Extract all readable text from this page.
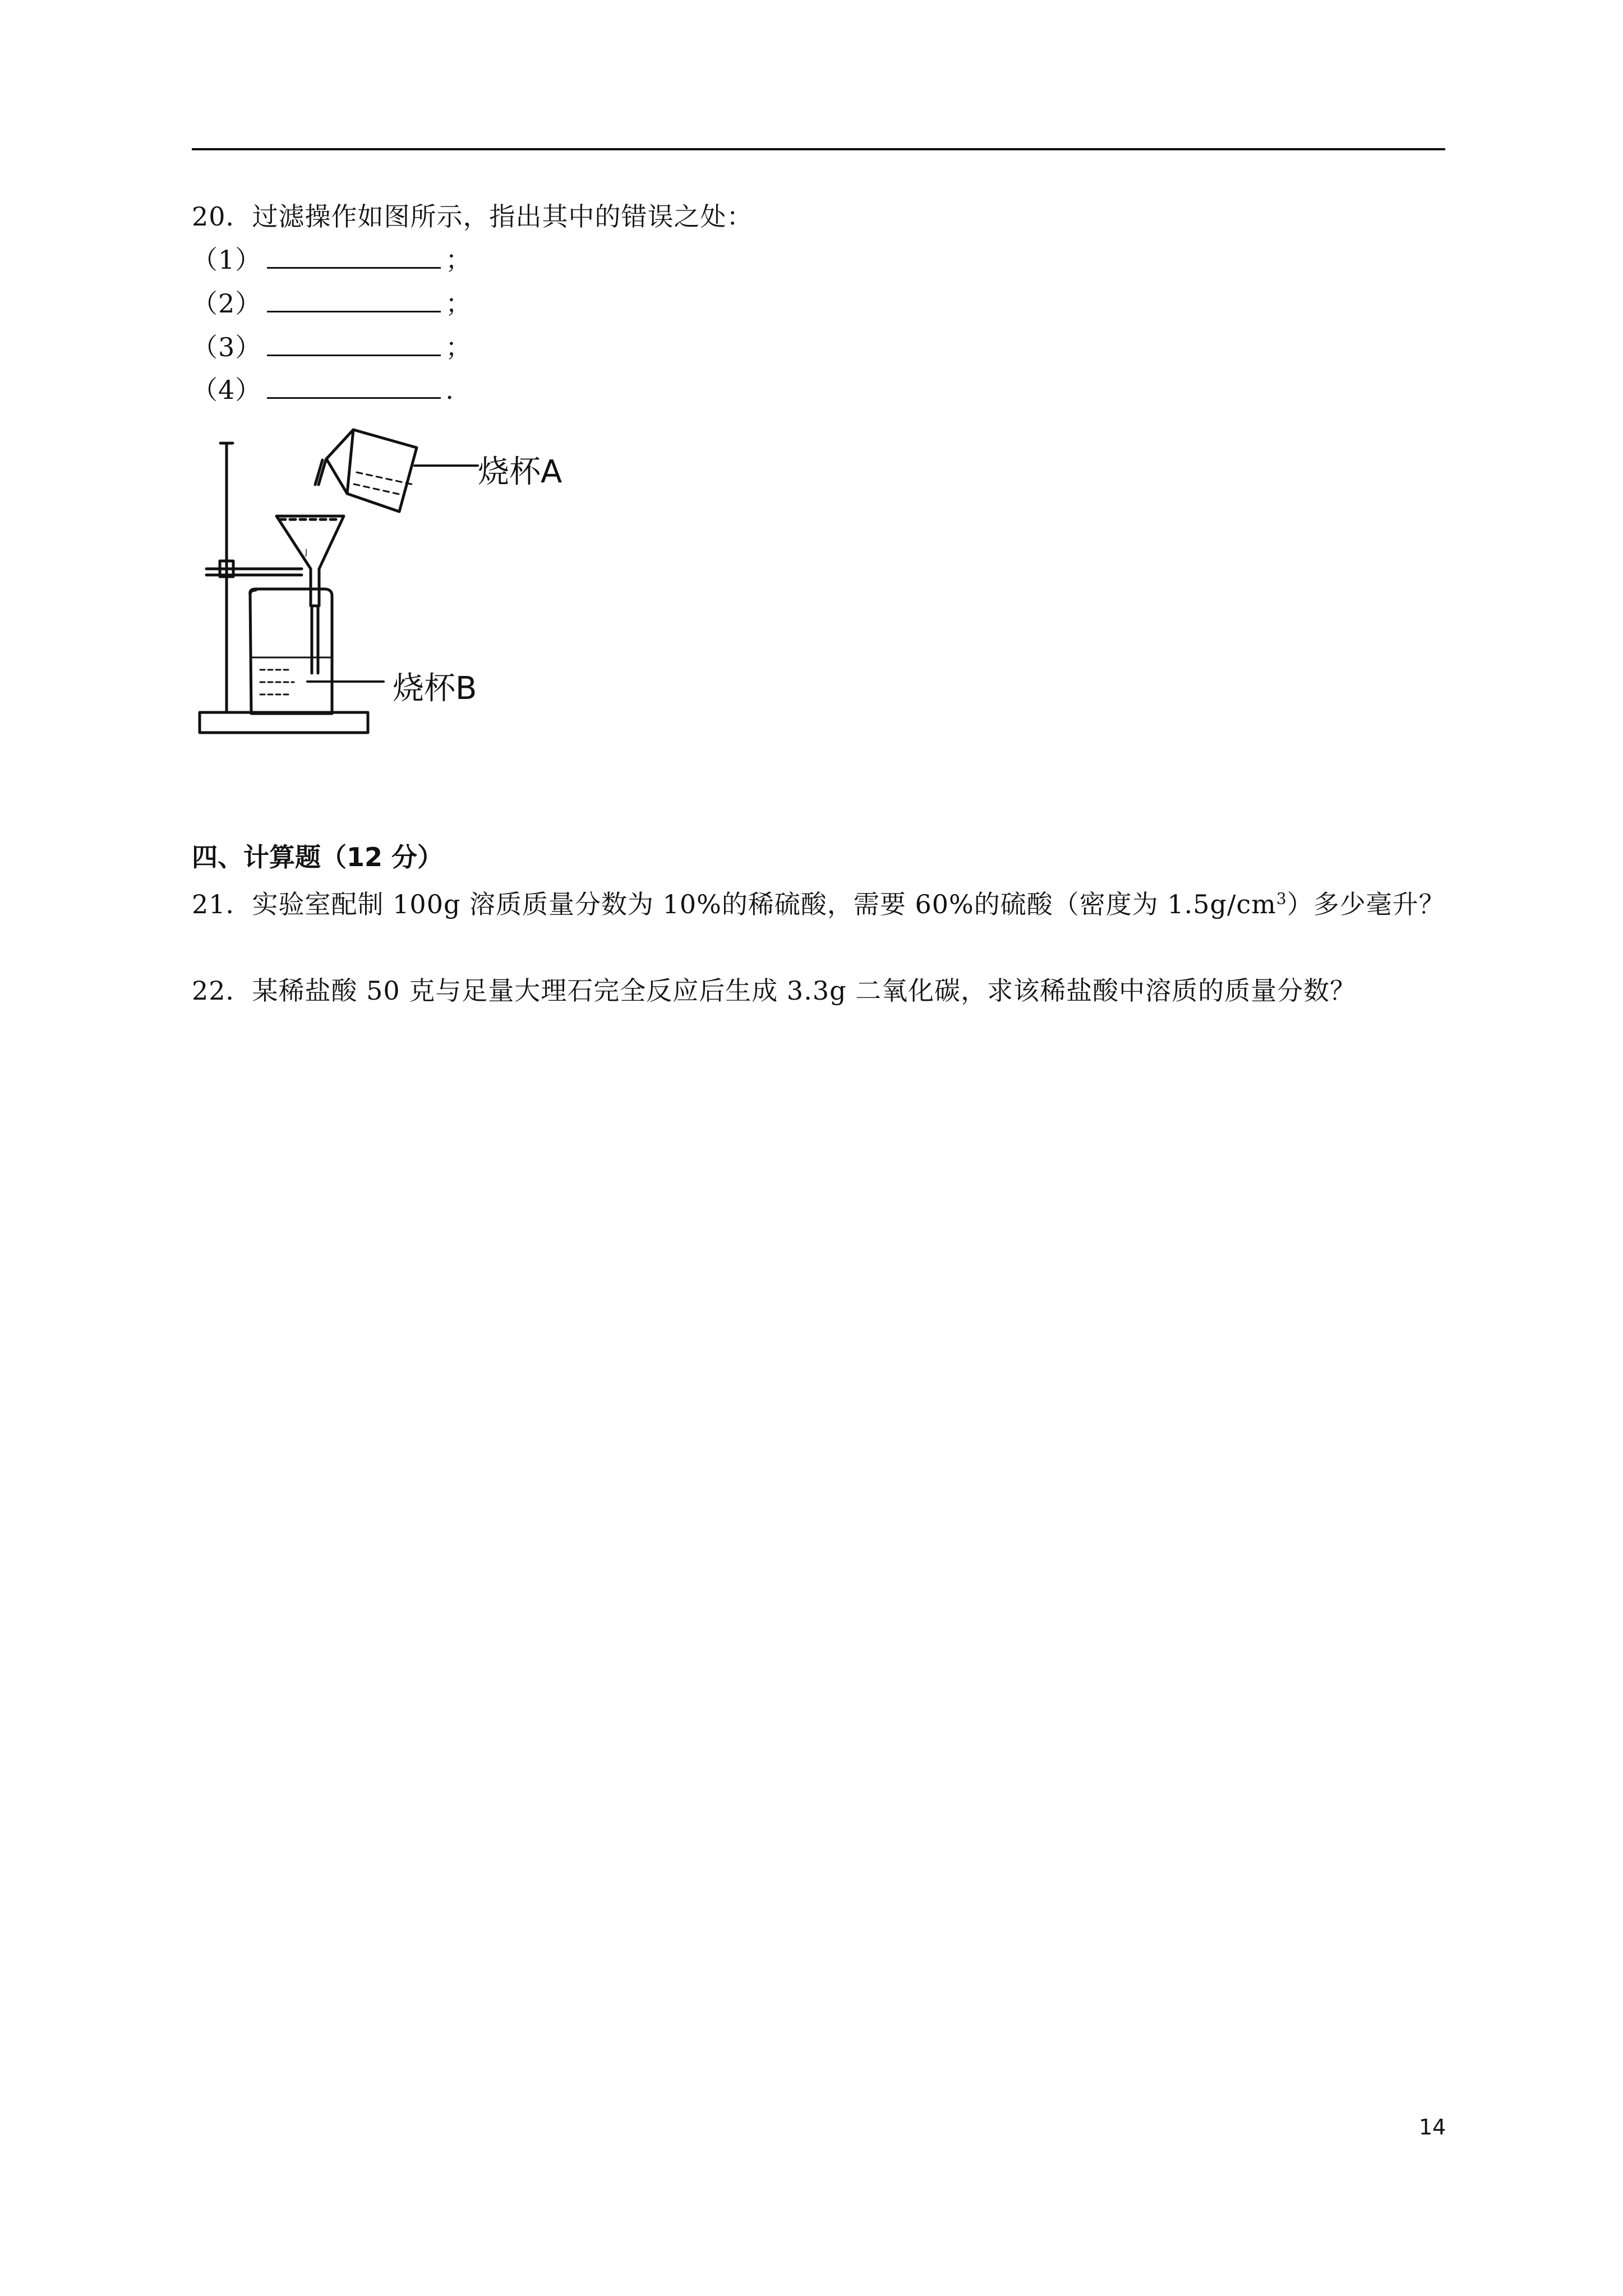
20．过滤操作如图所示，指出其中的错误之处：
（1）	；
（2）	；
（3）	；
（4）	.
J
烧杯A
烧杯B
四、计算题（12 分）
21．实验室配制 100g 溶质质量分数为 10%的稀硫酸，需要 60%的硫酸（密度为 $1.5g/cm^3$）多少毫升？
22．某稀盐酸 50 克与足量大理石完全反应后生成 3.3g 二氧化碳，求该稀盐酸中溶质的质量分数？
14
